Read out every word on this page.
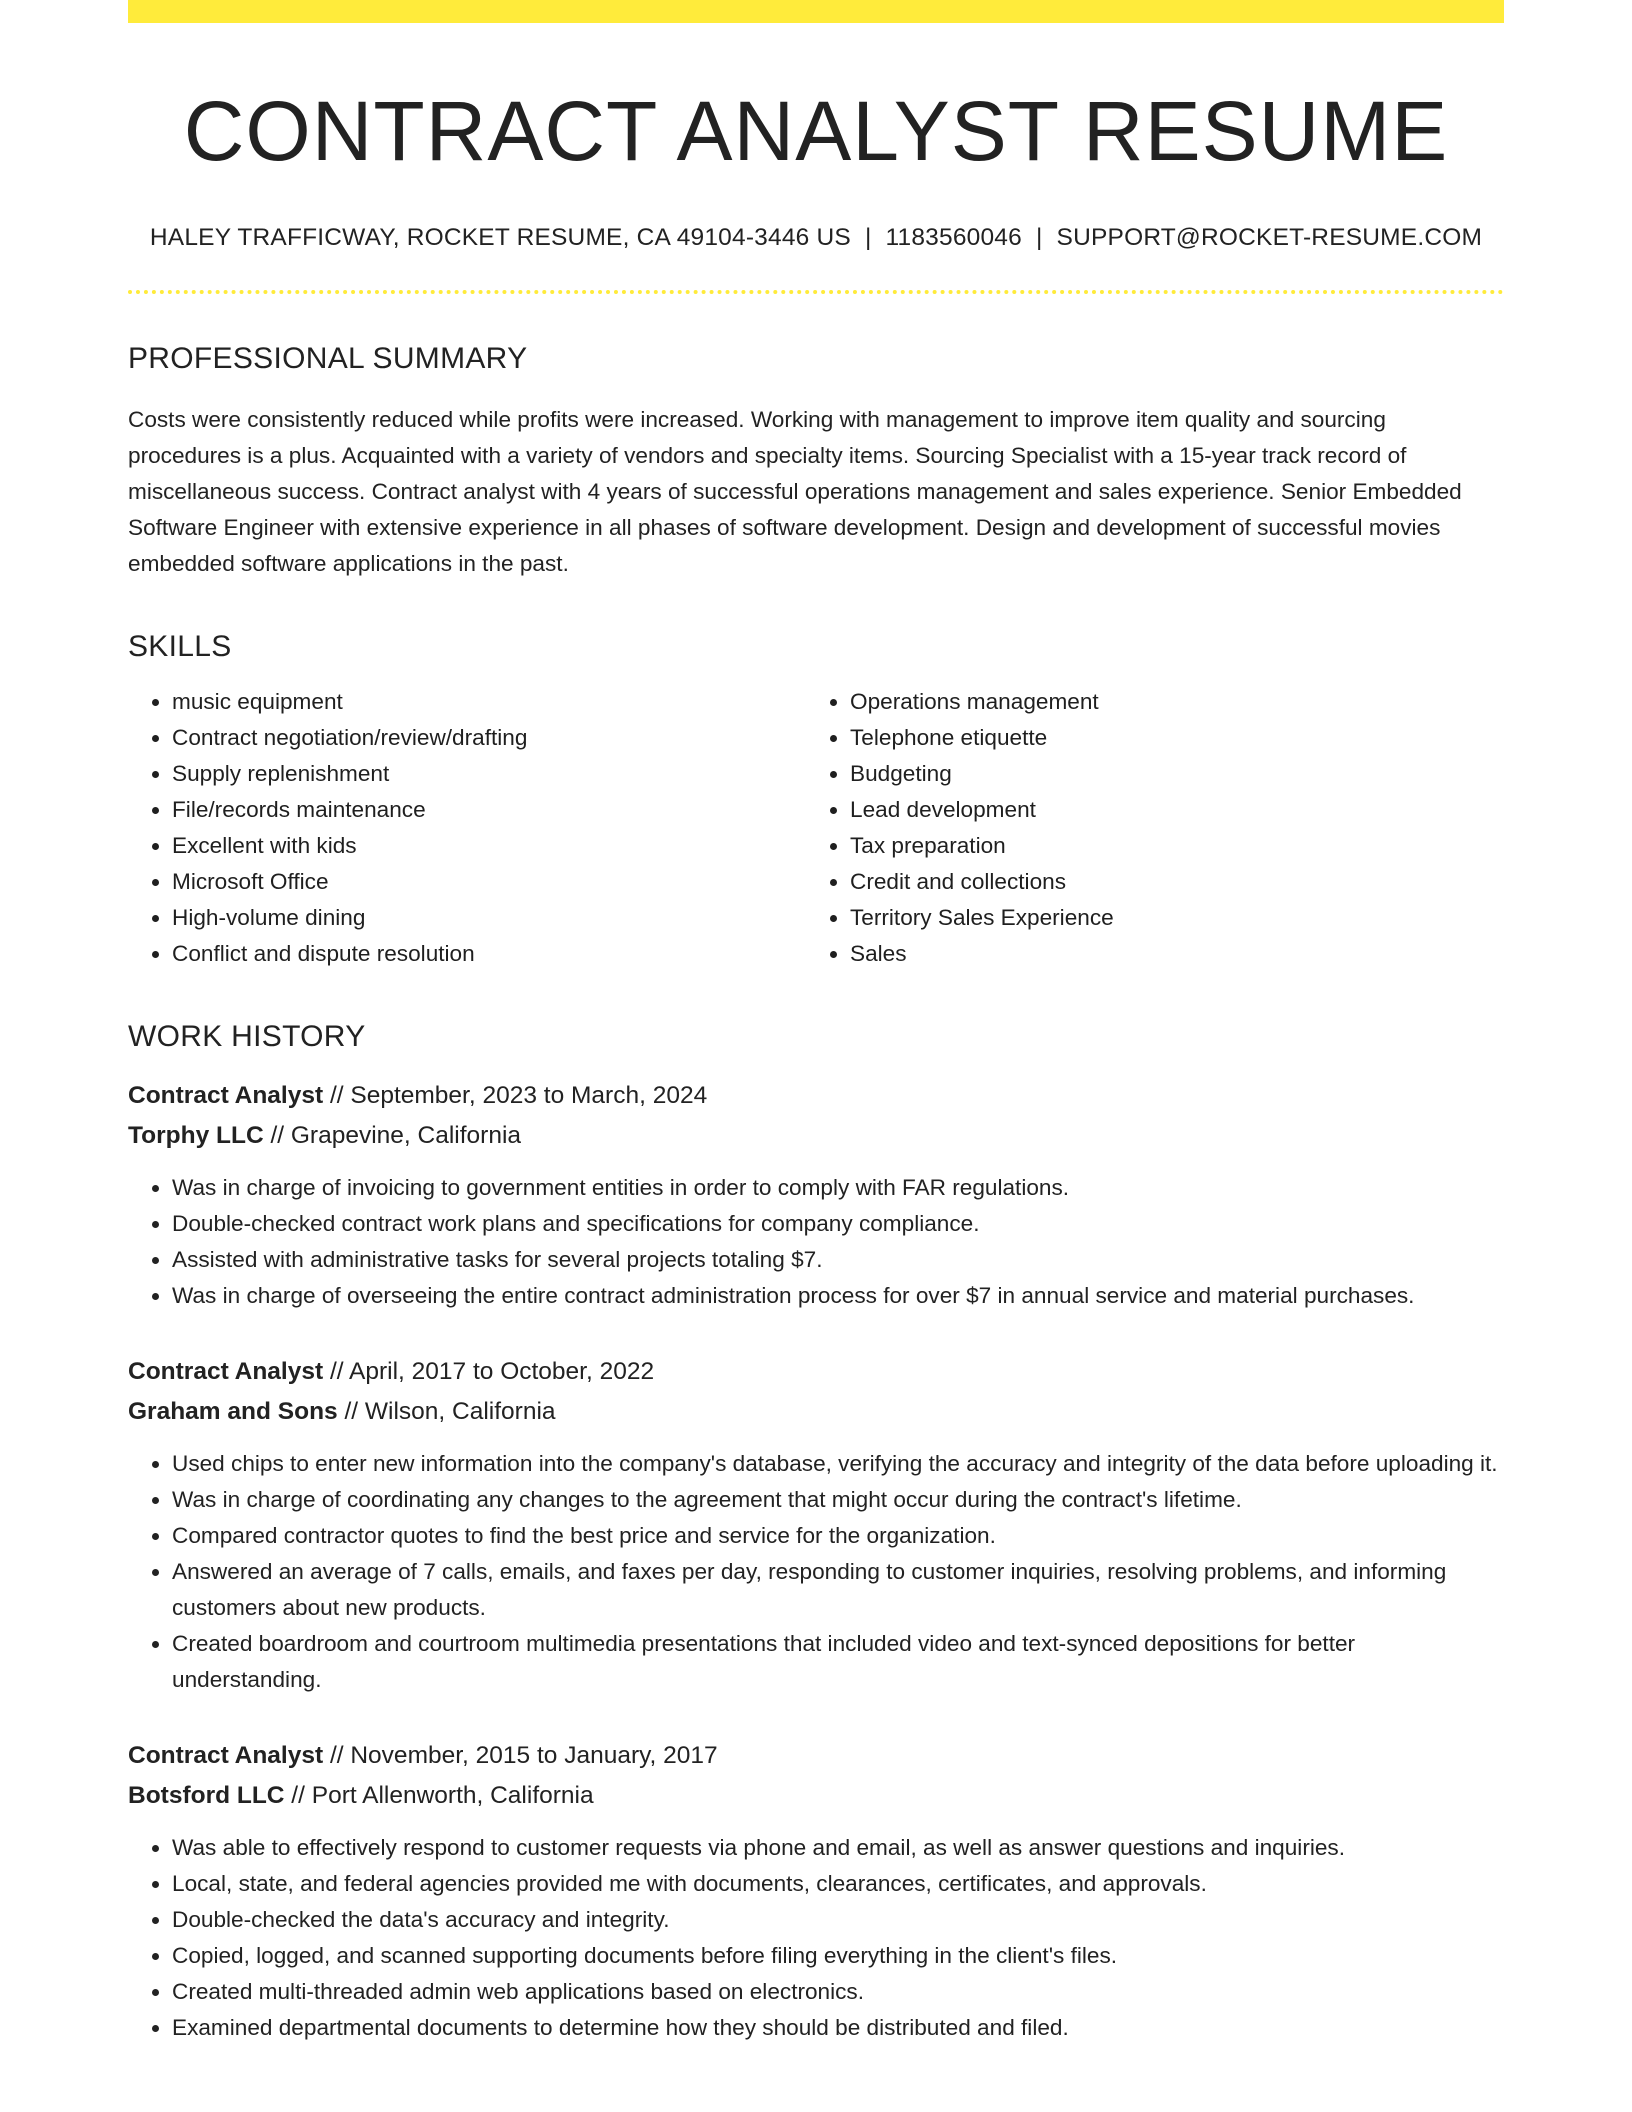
CONTRACT ANALYST RESUME
HALEY TRAFFICWAY, ROCKET RESUME, CA 49104-3446 US | 1183560046 | SUPPORT@ROCKET-RESUME.COM
PROFESSIONAL SUMMARY

Costs were consistently reduced while profits were increased. Working with management to improve item quality and sourcing procedures is a plus. Acquainted with a variety of vendors and specialty items. Sourcing Specialist with a 15-year track record of miscellaneous success. Contract analyst with 4 years of successful operations management and sales experience. Senior Embedded Software Engineer with extensive experience in all phases of software development. Design and development of successful movies embedded software applications in the past.

SKILLS
• music equipment
• Contract negotiation/review/drafting
• Supply replenishment
• File/records maintenance
• Excellent with kids
• Microsoft Office
• High-volume dining
• Conflict and dispute resolution
• Operations management
• Telephone etiquette
• Budgeting
• Lead development
• Tax preparation
• Credit and collections
• Territory Sales Experience
• Sales
WORK HISTORY
Contract Analyst // September, 2023 to March, 2024
Torphy LLC // Grapevine, California
• Was in charge of invoicing to government entities in order to comply with FAR regulations.
• Double-checked contract work plans and specifications for company compliance.
• Assisted with administrative tasks for several projects totaling $7.
• Was in charge of overseeing the entire contract administration process for over $7 in annual service and material purchases.
Contract Analyst // April, 2017 to October, 2022
Graham and Sons // Wilson, California
• Used chips to enter new information into the company's database, verifying the accuracy and integrity of the data before uploading it.
• Was in charge of coordinating any changes to the agreement that might occur during the contract's lifetime.
• Compared contractor quotes to find the best price and service for the organization.
• Answered an average of 7 calls, emails, and faxes per day, responding to customer inquiries, resolving problems, and informing customers about new products.
• Created boardroom and courtroom multimedia presentations that included video and text-synced depositions for better understanding.
Contract Analyst // November, 2015 to January, 2017
Botsford LLC // Port Allenworth, California
• Was able to effectively respond to customer requests via phone and email, as well as answer questions and inquiries.
• Local, state, and federal agencies provided me with documents, clearances, certificates, and approvals.
• Double-checked the data's accuracy and integrity.
• Copied, logged, and scanned supporting documents before filing everything in the client's files.
• Created multi-threaded admin web applications based on electronics.
• Examined departmental documents to determine how they should be distributed and filed.
